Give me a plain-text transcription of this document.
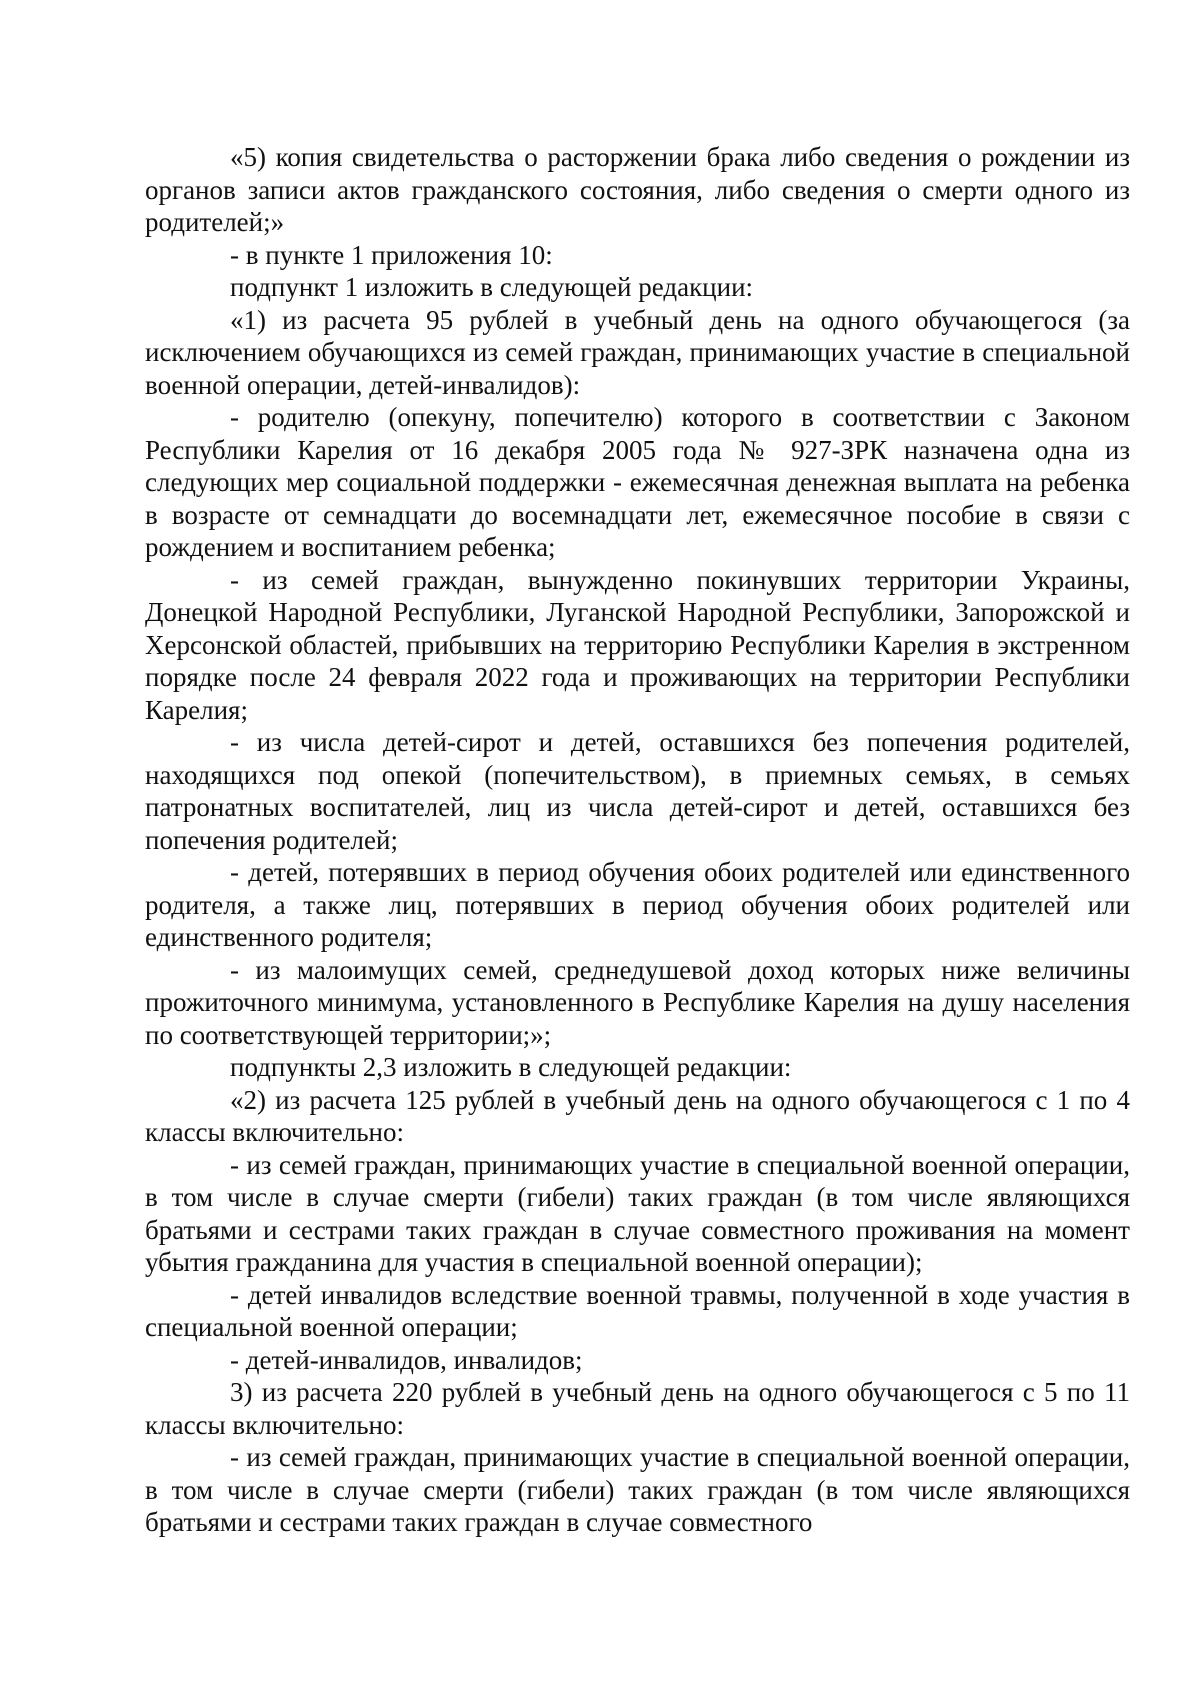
«5) копия свидетельства о расторжении брака либо сведения о рождении из органов записи актов гражданского состояния, либо сведения о смерти одного из родителей;»

- в пункте 1 приложения 10:

подпункт 1 изложить в следующей редакции:

«1) из расчета 95 рублей в учебный день на одного обучающегося (за исключением обучающихся из семей граждан, принимающих участие в специальной военной операции, детей-инвалидов):

- родителю (опекуну, попечителю) которого в соответствии с Законом Республики Карелия от 16 декабря 2005 года № 927-ЗРК назначена одна из следующих мер социальной поддержки - ежемесячная денежная выплата на ребенка в возрасте от семнадцати до восемнадцати лет, ежемесячное пособие в связи с рождением и воспитанием ребенка;

- из семей граждан, вынужденно покинувших территории Украины, Донецкой Народной Республики, Луганской Народной Республики, Запорожской и Херсонской областей, прибывших на территорию Республики Карелия в экстренном порядке после 24 февраля 2022 года и проживающих на территории Республики Карелия;

- из числа детей-сирот и детей, оставшихся без попечения родителей, находящихся под опекой (попечительством), в приемных семьях, в семьях патронатных воспитателей, лиц из числа детей-сирот и детей, оставшихся без попечения родителей;

- детей, потерявших в период обучения обоих родителей или единственного родителя, а также лиц, потерявших в период обучения обоих родителей или единственного родителя;

- из малоимущих семей, среднедушевой доход которых ниже величины прожиточного минимума, установленного в Республике Карелия на душу населения по соответствующей территории;»;

подпункты 2,3 изложить в следующей редакции:

«2) из расчета 125 рублей в учебный день на одного обучающегося с 1 по 4 классы включительно:

- из семей граждан, принимающих участие в специальной военной операции, в том числе в случае смерти (гибели) таких граждан (в том числе являющихся братьями и сестрами таких граждан в случае совместного проживания на момент убытия гражданина для участия в специальной военной операции);

- детей инвалидов вследствие военной травмы, полученной в ходе участия в специальной военной операции;

- детей-инвалидов, инвалидов;

3) из расчета 220 рублей в учебный день на одного обучающегося с 5 по 11 классы включительно:

- из семей граждан, принимающих участие в специальной военной операции, в том числе в случае смерти (гибели) таких граждан (в том числе являющихся братьями и сестрами таких граждан в случае совместного
